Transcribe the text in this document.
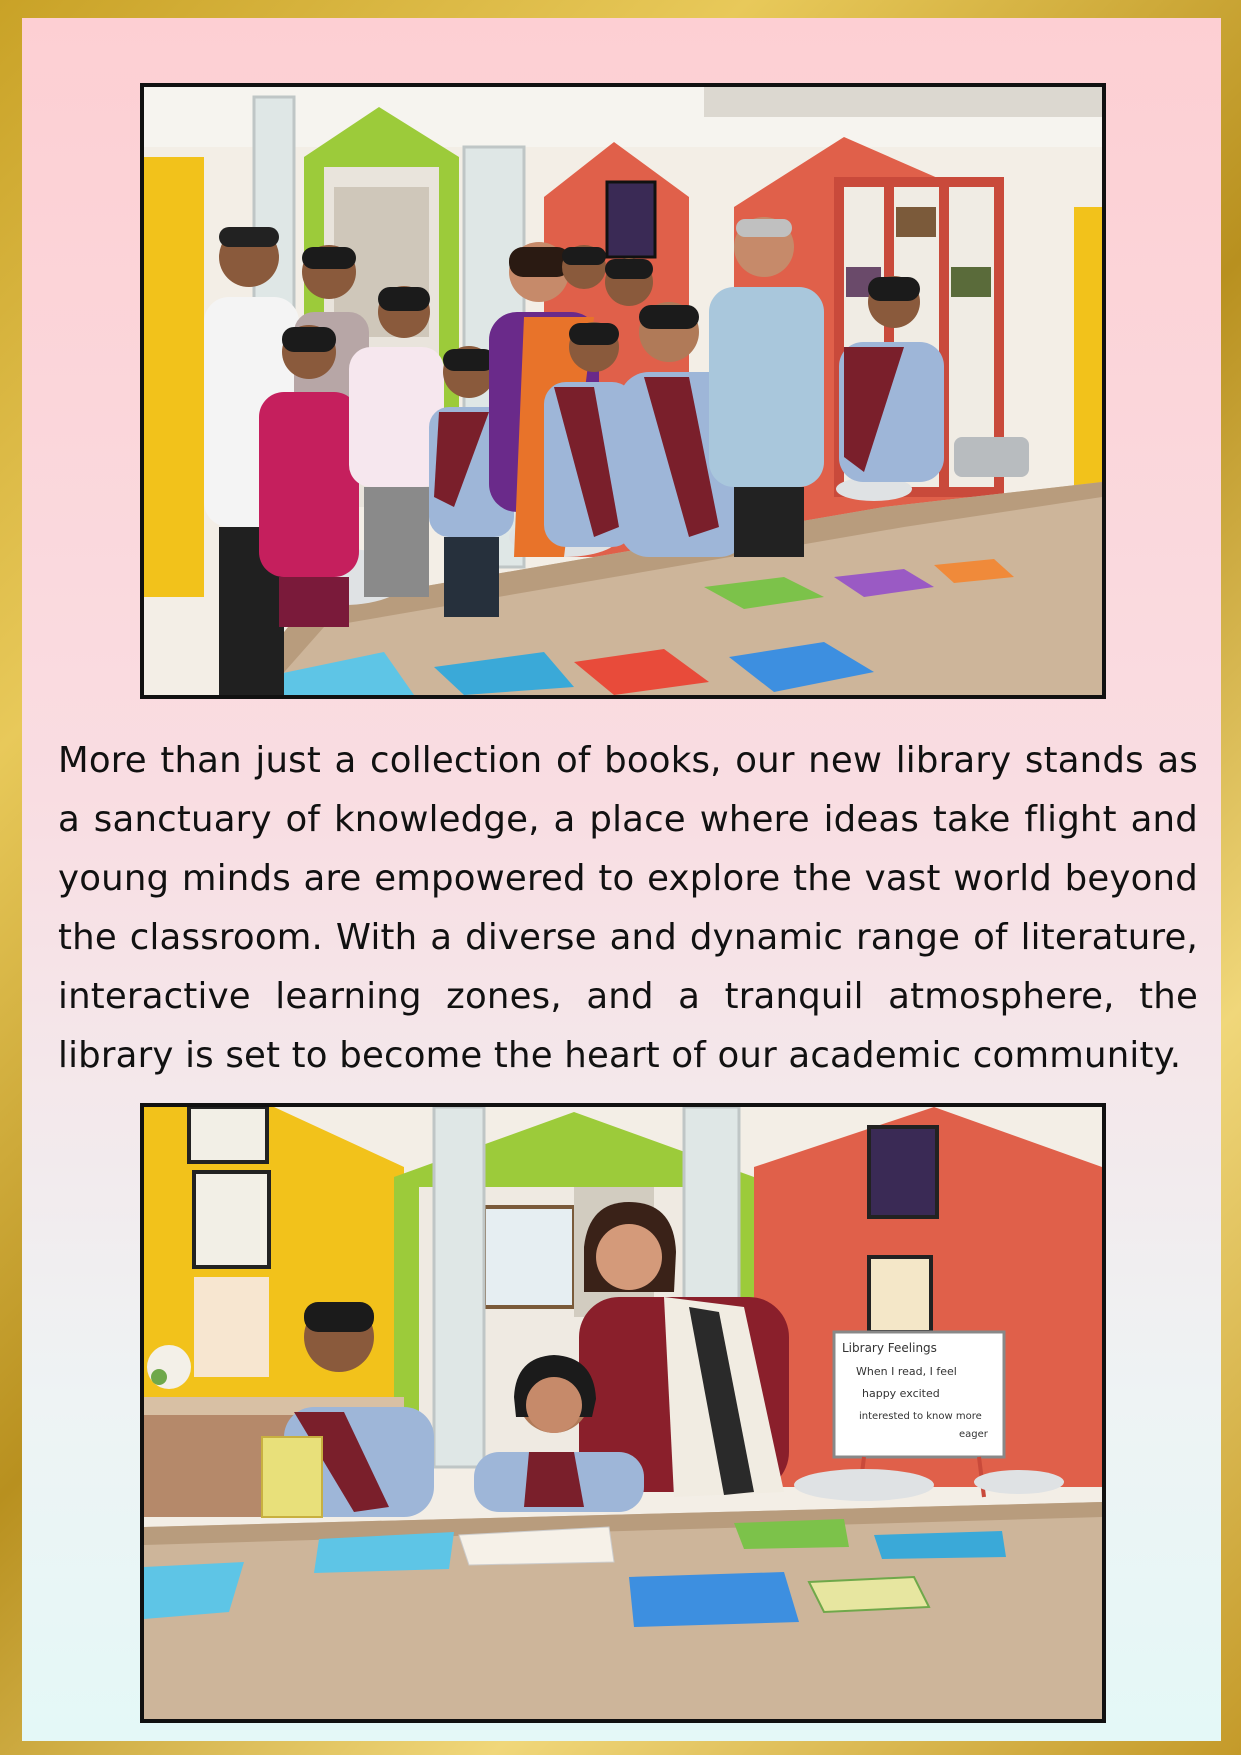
More than just a collection of books, our new library stands as a sanctuary of knowledge, a place where ideas take flight and young minds are empowered to explore the vast world beyond the classroom. With a diverse and dynamic range of literature, interactive learning zones, and a tranquil atmosphere, the library is set to become the heart of our academic community.

Library Feelings
When I read, I feel
happy excited
interested to know more
eager
